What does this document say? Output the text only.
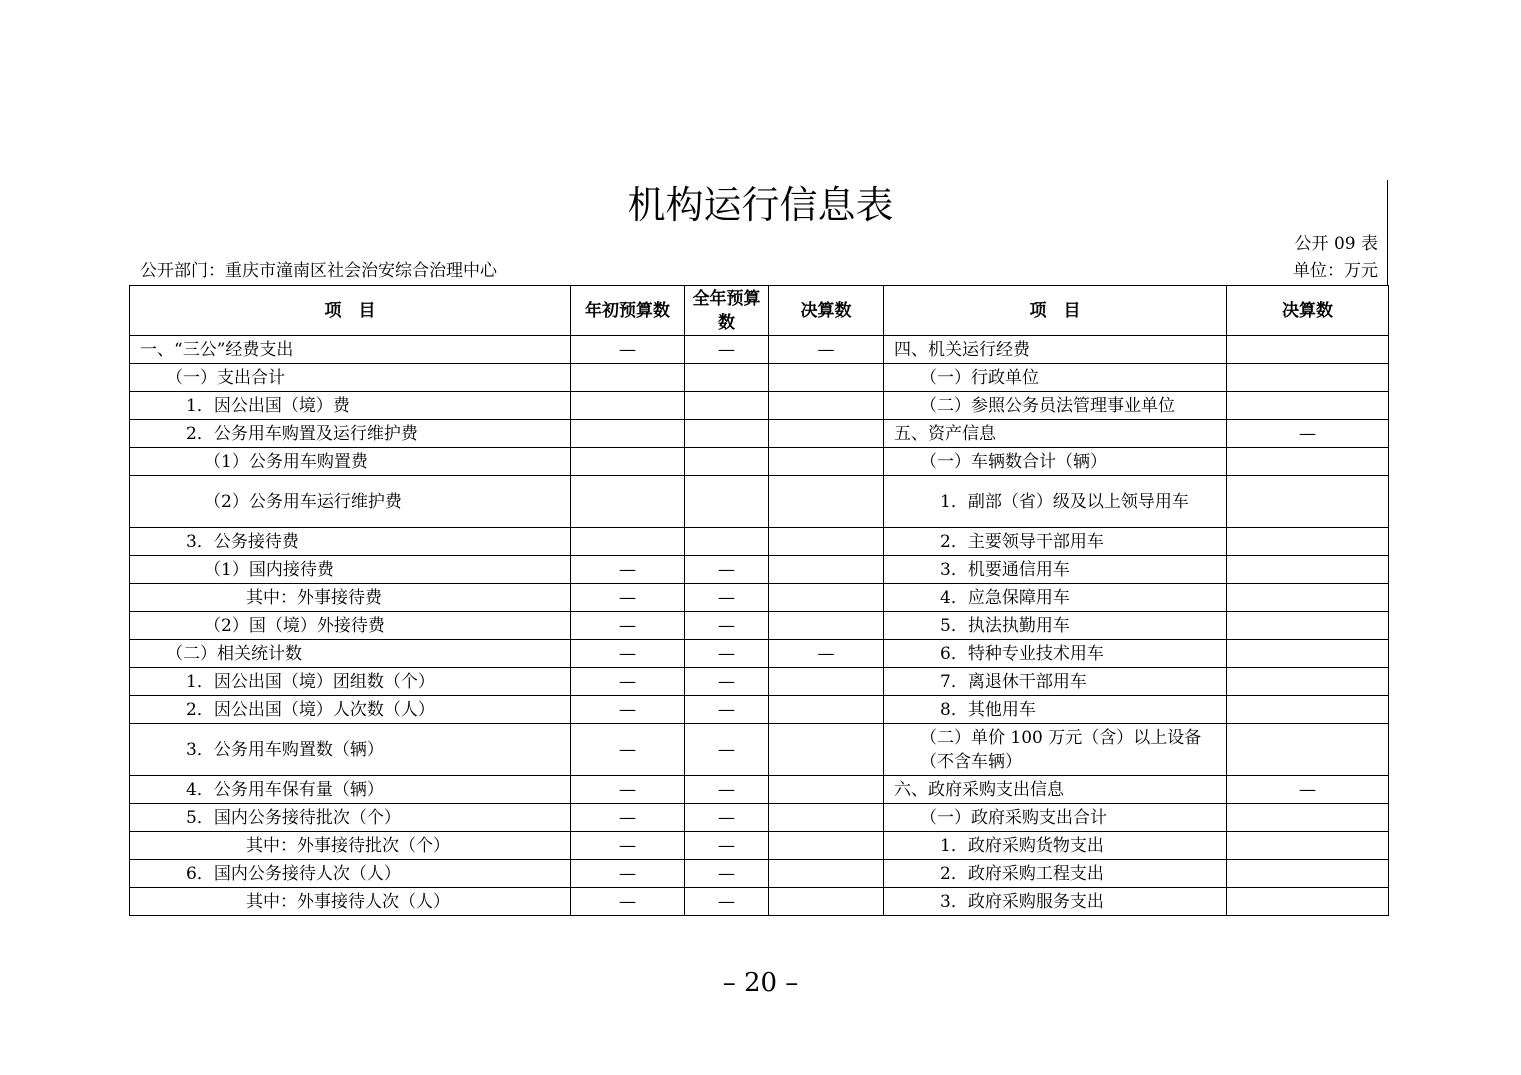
机构运行信息表
公开 09 表
公开部门：重庆市潼南区社会治安综合治理中心	单位：万元
项　目	年初预算数	全年预算数	决算数	项　目	决算数
一、“三公”经费支出	—	—	—	四、机关运行经费	
（一）支出合计				（一）行政单位	
1．因公出国（境）费				（二）参照公务员法管理事业单位	
2．公务用车购置及运行维护费				五、资产信息	—
（1）公务用车购置费				（一）车辆数合计（辆）	
（2）公务用车运行维护费				1．副部（省）级及以上领导用车	
3．公务接待费				2．主要领导干部用车	
（1）国内接待费	—	—		3．机要通信用车	
其中：外事接待费	—	—		4．应急保障用车	
（2）国（境）外接待费	—	—		5．执法执勤用车	
（二）相关统计数	—	—	—	6．特种专业技术用车	
1．因公出国（境）团组数（个）	—	—		7．离退休干部用车	
2．因公出国（境）人次数（人）	—	—		8．其他用车	
3．公务用车购置数（辆）	—	—		（二）单价 100 万元（含）以上设备（不含车辆）	
4．公务用车保有量（辆）	—	—		六、政府采购支出信息	—
5．国内公务接待批次（个）	—	—		（一）政府采购支出合计	
其中：外事接待批次（个）	—	—		1．政府采购货物支出	
6．国内公务接待人次（人）	—	—		2．政府采购工程支出	
其中：外事接待人次（人）	—	—		3．政府采购服务支出	
– 20 –
